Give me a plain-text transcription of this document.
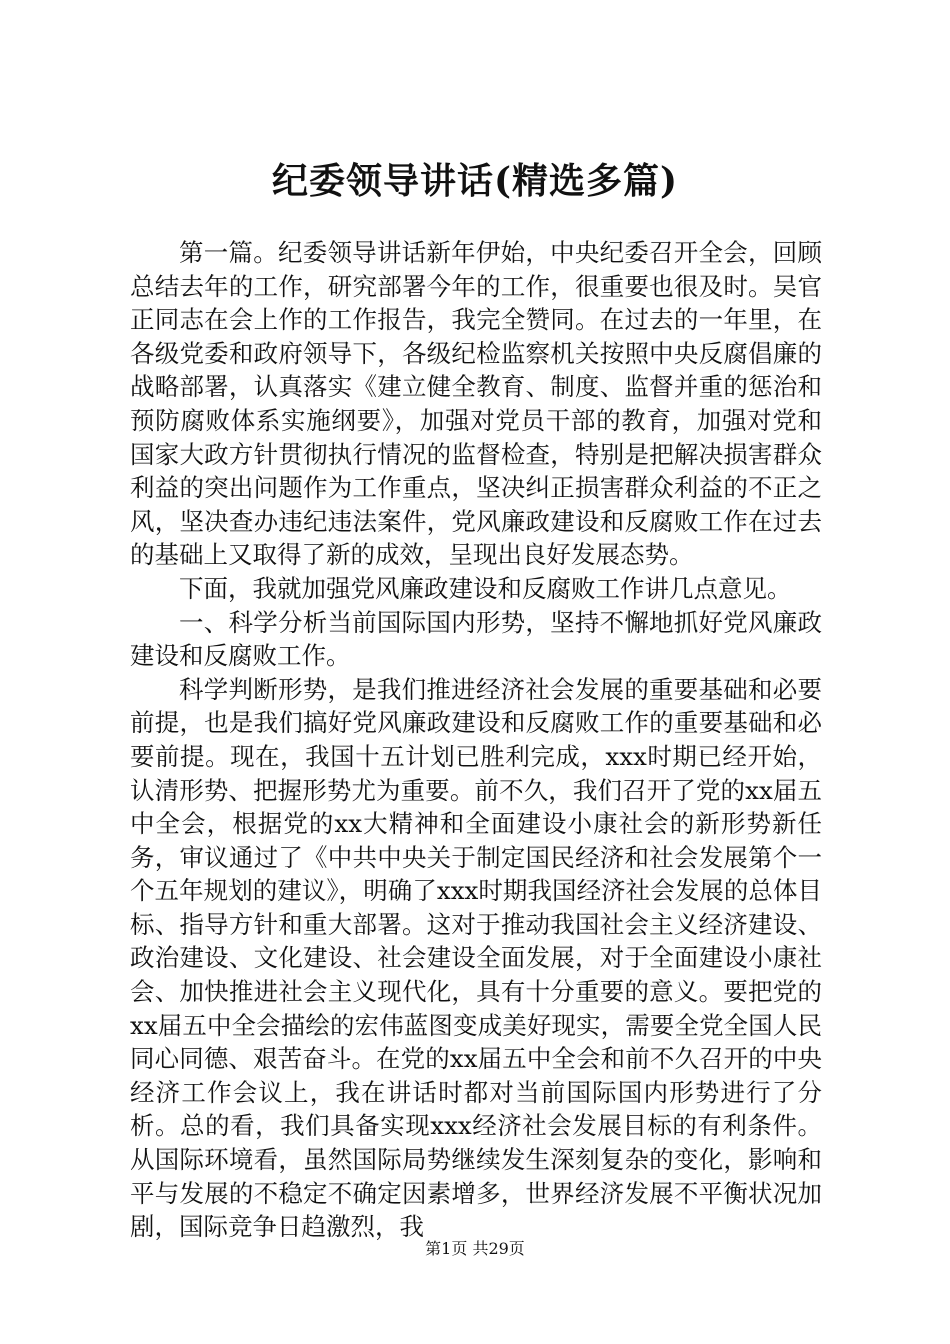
纪委领导讲话(精选多篇)

第一篇。纪委领导讲话新年伊始，中央纪委召开全会，回顾总结去年的工作，研究部署今年的工作，很重要也很及时。吴官正同志在会上作的工作报告，我完全赞同。在过去的一年里，在各级党委和政府领导下，各级纪检监察机关按照中央反腐倡廉的战略部署，认真落实《建立健全教育、制度、监督并重的惩治和预防腐败体系实施纲要》，加强对党员干部的教育，加强对党和国家大政方针贯彻执行情况的监督检查，特别是把解决损害群众利益的突出问题作为工作重点，坚决纠正损害群众利益的不正之风，坚决查办违纪违法案件，党风廉政建设和反腐败工作在过去的基础上又取得了新的成效，呈现出良好发展态势。

下面，我就加强党风廉政建设和反腐败工作讲几点意见。

一、科学分析当前国际国内形势，坚持不懈地抓好党风廉政建设和反腐败工作。

科学判断形势，是我们推进经济社会发展的重要基础和必要前提，也是我们搞好党风廉政建设和反腐败工作的重要基础和必要前提。现在，我国十五计划已胜利完成，xxx时期已经开始，认清形势、把握形势尤为重要。前不久，我们召开了党的xx届五中全会，根据党的xx大精神和全面建设小康社会的新形势新任务，审议通过了《中共中央关于制定国民经济和社会发展第个一个五年规划的建议》，明确了xxx时期我国经济社会发展的总体目标、指导方针和重大部署。这对于推动我国社会主义经济建设、政治建设、文化建设、社会建设全面发展，对于全面建设小康社会、加快推进社会主义现代化，具有十分重要的意义。要把党的xx届五中全会描绘的宏伟蓝图变成美好现实，需要全党全国人民同心同德、艰苦奋斗。在党的xx届五中全会和前不久召开的中央经济工作会议上，我在讲话时都对当前国际国内形势进行了分析。总的看，我们具备实现xxx经济社会发展目标的有利条件。从国际环境看，虽然国际局势继续发生深刻复杂的变化，影响和平与发展的不稳定不确定因素增多，世界经济发展不平衡状况加剧，国际竞争日趋激烈，我

第1页 共29页
